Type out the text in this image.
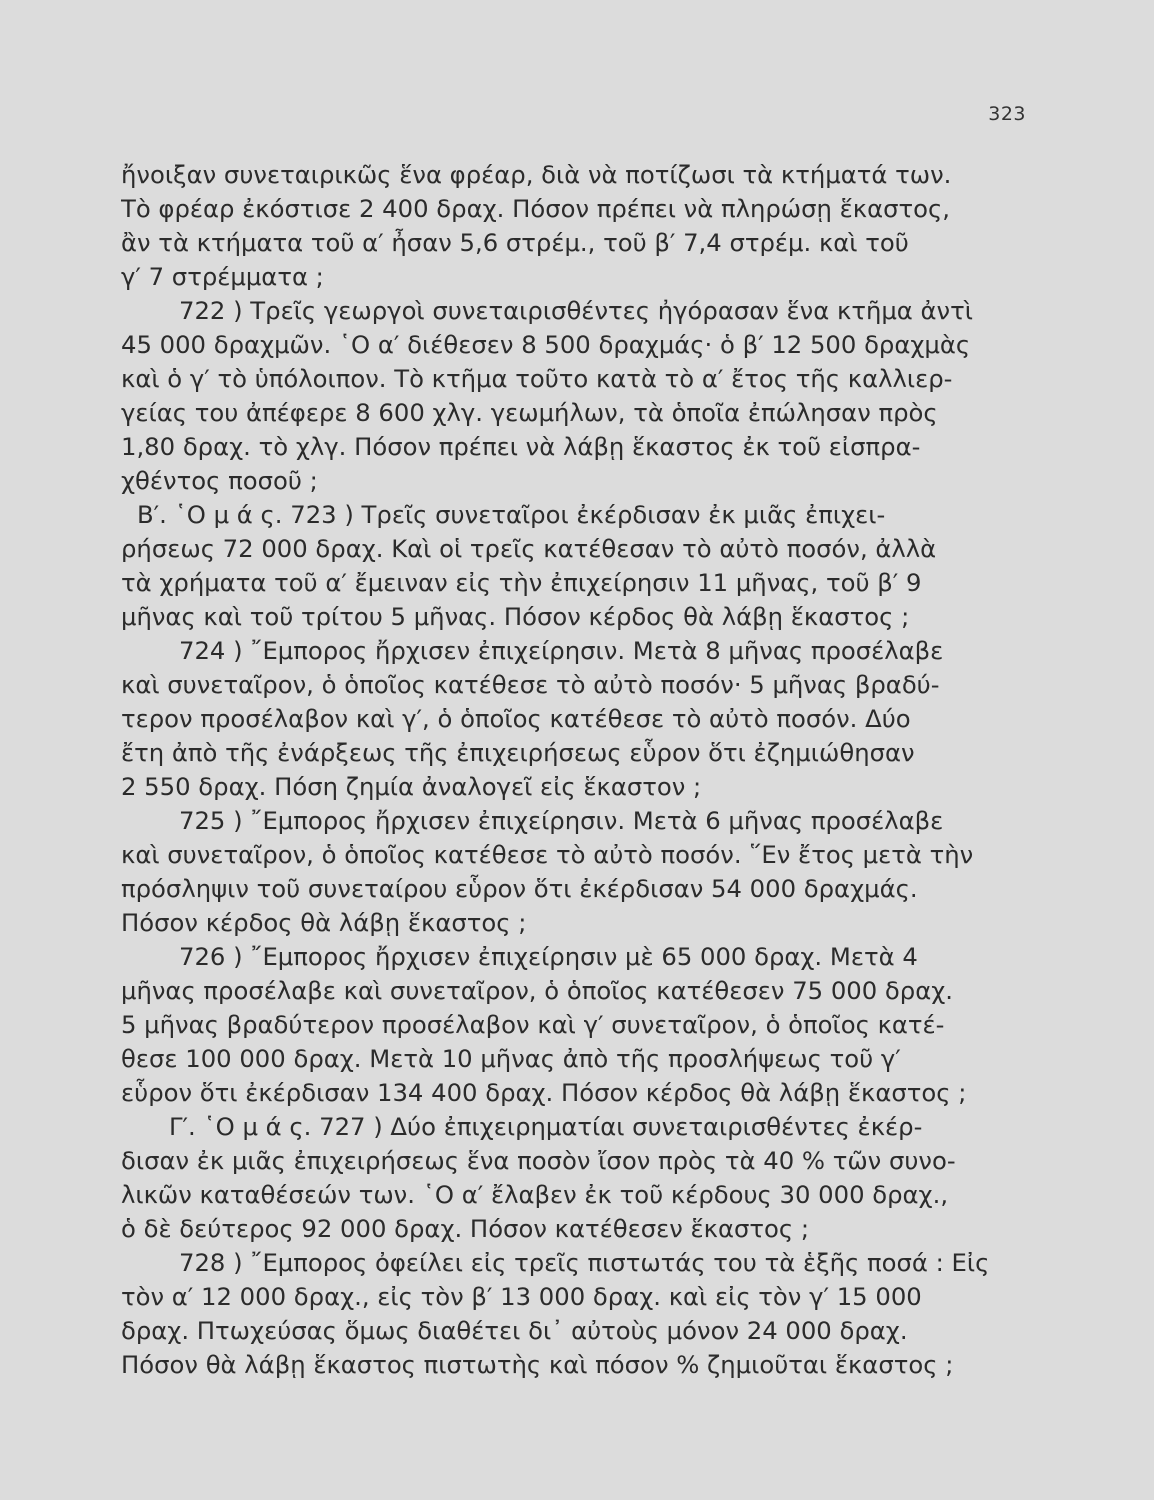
323
ἤνοιξαν συνεταιρικῶς ἕνα φρέαρ, διὰ νὰ ποτίζωσι τὰ κτήματά των.
Τὸ φρέαρ ἐκόστισε 2 400 δραχ. Πόσον πρέπει νὰ πληρώσῃ ἕκαστος,
ἂν τὰ κτήματα τοῦ α′ ἦσαν 5,6 στρέμ., τοῦ β′ 7,4 στρέμ. καὶ τοῦ
γ′ 7 στρέμματα ;
722 ) Τρεῖς γεωργοὶ συνεταιρισθέντες ἠγόρασαν ἕνα κτῆμα ἀντὶ
45 000 δραχμῶν. ῾Ο α′ διέθεσεν 8 500 δραχμάς· ὁ β′ 12 500 δραχμὰς
καὶ ὁ γ′ τὸ ὑπόλοιπον. Τὸ κτῆμα τοῦτο κατὰ τὸ α′ ἔτος τῆς καλλιερ-
γείας του ἀπέφερε 8 600 χλγ. γεωμήλων, τὰ ὁποῖα ἐπώλησαν πρὸς
1,80 δραχ. τὸ χλγ. Πόσον πρέπει νὰ λάβῃ ἕκαστος ἐκ τοῦ εἰσπρα-
χθέντος ποσοῦ ;
Β′. ῾Ο μ ά ς. 723 ) Τρεῖς συνεταῖροι ἐκέρδισαν ἐκ μιᾶς ἐπιχει-
ρήσεως 72 000 δραχ. Καὶ οἱ τρεῖς κατέθεσαν τὸ αὐτὸ ποσόν, ἀλλὰ
τὰ χρήματα τοῦ α′ ἔμειναν εἰς τὴν ἐπιχείρησιν 11 μῆνας, τοῦ β′ 9
μῆνας καὶ τοῦ τρίτου 5 μῆνας. Πόσον κέρδος θὰ λάβῃ ἕκαστος ;
724 ) ῎Εμπορος ἤρχισεν ἐπιχείρησιν. Μετὰ 8 μῆνας προσέλαβε
καὶ συνεταῖρον, ὁ ὁποῖος κατέθεσε τὸ αὐτὸ ποσόν· 5 μῆνας βραδύ-
τερον προσέλαβον καὶ γ′, ὁ ὁποῖος κατέθεσε τὸ αὐτὸ ποσόν. Δύο
ἔτη ἀπὸ τῆς ἐνάρξεως τῆς ἐπιχειρήσεως εὗρον ὅτι ἐζημιώθησαν
2 550 δραχ. Πόση ζημία ἀναλογεῖ εἰς ἕκαστον ;
725 ) ῎Εμπορος ἤρχισεν ἐπιχείρησιν. Μετὰ 6 μῆνας προσέλαβε
καὶ συνεταῖρον, ὁ ὁποῖος κατέθεσε τὸ αὐτὸ ποσόν. ῞Εν ἔτος μετὰ τὴν
πρόσληψιν τοῦ συνεταίρου εὗρον ὅτι ἐκέρδισαν 54 000 δραχμάς.
Πόσον κέρδος θὰ λάβῃ ἕκαστος ;
726 ) ῎Εμπορος ἤρχισεν ἐπιχείρησιν μὲ 65 000 δραχ. Μετὰ 4
μῆνας προσέλαβε καὶ συνεταῖρον, ὁ ὁποῖος κατέθεσεν 75 000 δραχ.
5 μῆνας βραδύτερον προσέλαβον καὶ γ′ συνεταῖρον, ὁ ὁποῖος κατέ-
θεσε 100 000 δραχ. Μετὰ 10 μῆνας ἀπὸ τῆς προσλήψεως τοῦ γ′
εὗρον ὅτι ἐκέρδισαν 134 400 δραχ. Πόσον κέρδος θὰ λάβῃ ἕκαστος ;
Γ′. ῾Ο μ ά ς. 727 ) Δύο ἐπιχειρηματίαι συνεταιρισθέντες ἐκέρ-
δισαν ἐκ μιᾶς ἐπιχειρήσεως ἕνα ποσὸν ἴσον πρὸς τὰ 40 % τῶν συνο-
λικῶν καταθέσεών των. ῾Ο α′ ἔλαβεν ἐκ τοῦ κέρδους 30 000 δραχ.,
ὁ δὲ δεύτερος 92 000 δραχ. Πόσον κατέθεσεν ἕκαστος ;
728 ) ῎Εμπορος ὀφείλει εἰς τρεῖς πιστωτάς του τὰ ἑξῆς ποσά : Εἰς
τὸν α′ 12 000 δραχ., εἰς τὸν β′ 13 000 δραχ. καὶ εἰς τὸν γ′ 15 000
δραχ. Πτωχεύσας ὅμως διαθέτει δι᾿ αὐτοὺς μόνον 24 000 δραχ.
Πόσον θὰ λάβῃ ἕκαστος πιστωτὴς καὶ πόσον % ζημιοῦται ἕκαστος ;
